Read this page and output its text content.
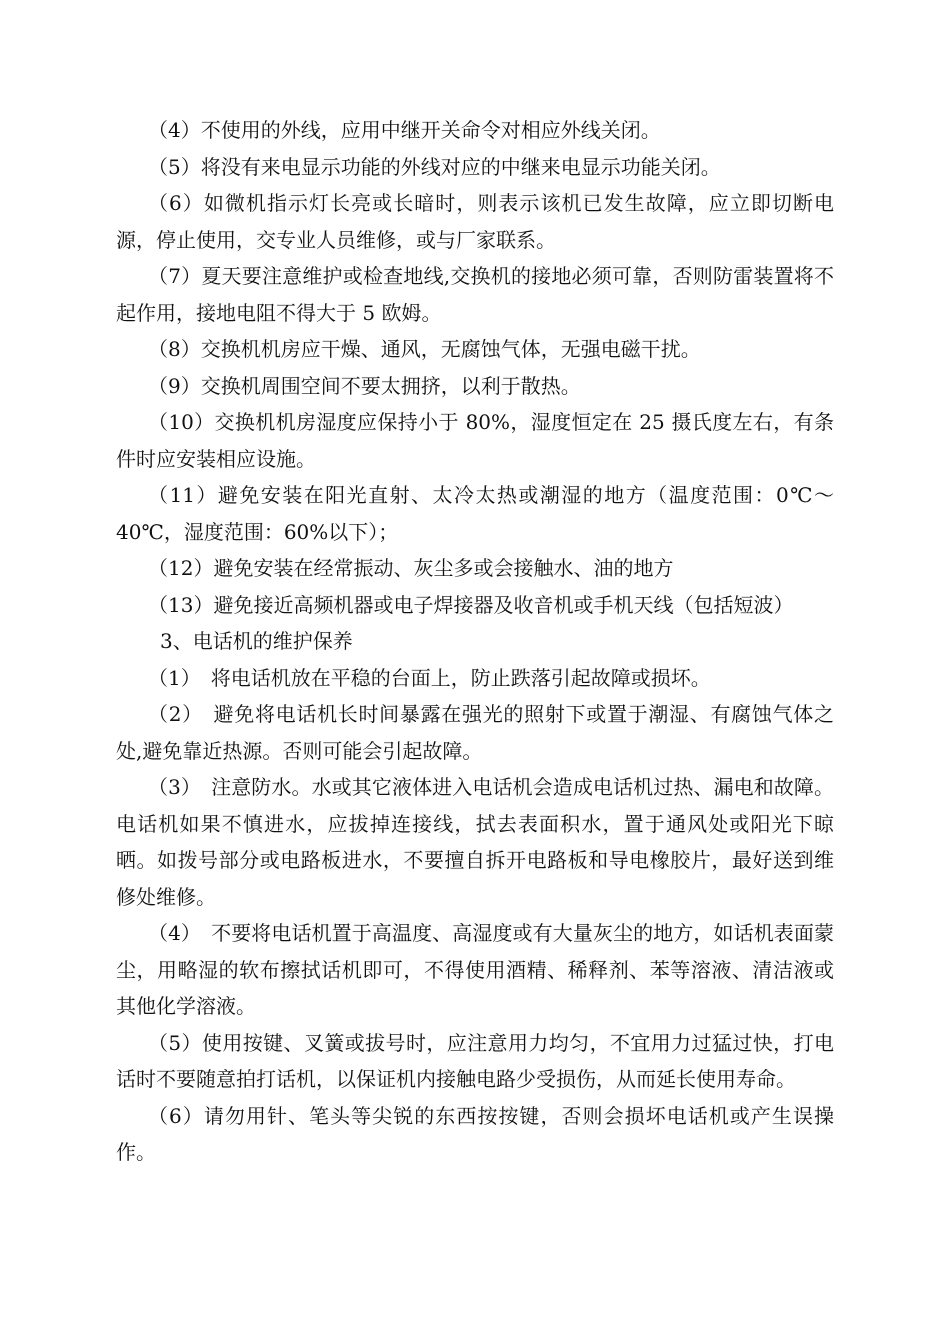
（4）不使用的外线，应用中继开关命令对相应外线关闭。

（5）将没有来电显示功能的外线对应的中继来电显示功能关闭。

（6）如微机指示灯长亮或长暗时，则表示该机已发生故障，应立即切断电源，停止使用，交专业人员维修，或与厂家联系。

（7）夏天要注意维护或检查地线,交换机的接地必须可靠，否则防雷装置将不起作用，接地电阻不得大于 5 欧姆。

（8）交换机机房应干燥、通风，无腐蚀气体，无强电磁干扰。

（9）交换机周围空间不要太拥挤，以利于散热。

（10）交换机机房湿度应保持小于 80%，湿度恒定在 25 摄氏度左右，有条件时应安装相应设施。

（11）避免安装在阳光直射、太冷太热或潮湿的地方（温度范围：0℃～40℃，湿度范围：60%以下）；

（12）避免安装在经常振动、灰尘多或会接触水、油的地方

（13）避免接近高频机器或电子焊接器及收音机或手机天线（包括短波）

3、电话机的维护保养

（1）　将电话机放在平稳的台面上，防止跌落引起故障或损坏。

（2）　避免将电话机长时间暴露在强光的照射下或置于潮湿、有腐蚀气体之处,避免靠近热源。否则可能会引起故障。

（3）　注意防水。水或其它液体进入电话机会造成电话机过热、漏电和故障。电话机如果不慎进水，应拔掉连接线，拭去表面积水，置于通风处或阳光下晾晒。如拨号部分或电路板进水，不要擅自拆开电路板和导电橡胶片，最好送到维修处维修。

（4）　不要将电话机置于高温度、高湿度或有大量灰尘的地方，如话机表面蒙尘，用略湿的软布擦拭话机即可，不得使用酒精、稀释剂、苯等溶液、清洁液或其他化学溶液。

（5）使用按键、叉簧或拔号时，应注意用力均匀，不宜用力过猛过快，打电话时不要随意拍打话机，以保证机内接触电路少受损伤，从而延长使用寿命。

（6）请勿用针、笔头等尖锐的东西按按键，否则会损坏电话机或产生误操作。
